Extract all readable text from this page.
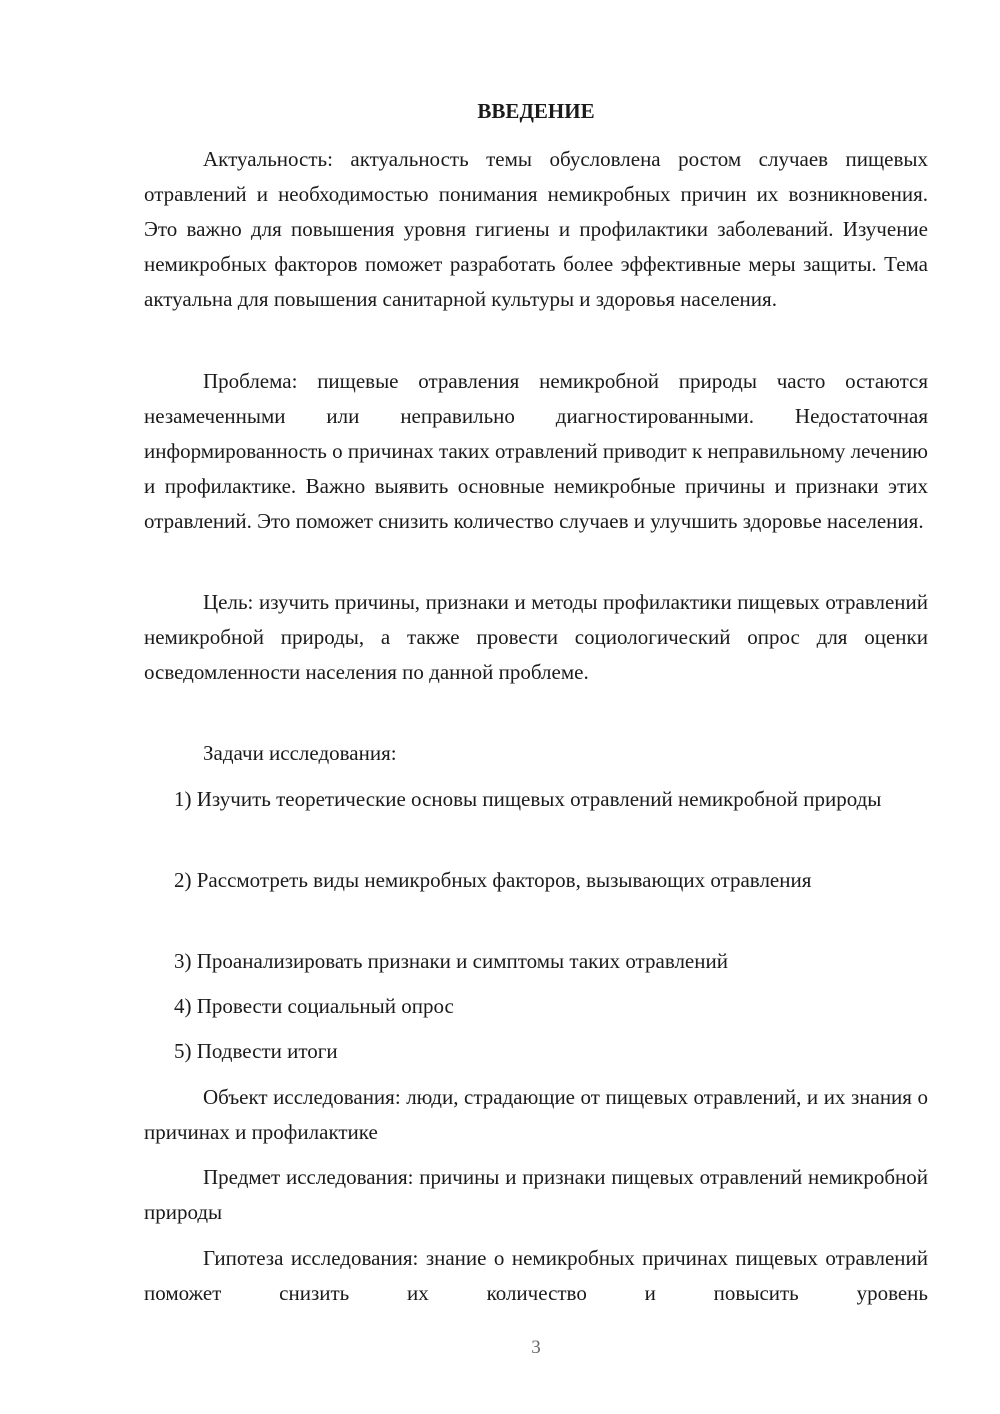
ВВЕДЕНИЕ

Актуальность: актуальность темы обусловлена ростом случаев пищевых отравлений и необходимостью понимания немикробных причин их возникновения. Это важно для повышения уровня гигиены и профилактики заболеваний. Изучение немикробных факторов поможет разработать более эффективные меры защиты. Тема актуальна для повышения санитарной культуры и здоровья населения.

Проблема: пищевые отравления немикробной природы часто остаются незамеченными или неправильно диагностированными. Недостаточная информированность о причинах таких отравлений приводит к неправильному лечению и профилактике. Важно выявить основные немикробные причины и признаки этих отравлений. Это поможет снизить количество случаев и улучшить здоровье населения.

Цель: изучить причины, признаки и методы профилактики пищевых отравлений немикробной природы, а также провести социологический опрос для оценки осведомленности населения по данной проблеме.

Задачи исследования:

1) Изучить теоретические основы пищевых отравлений немикробной природы

2) Рассмотреть виды немикробных факторов, вызывающих отравления

3) Проанализировать признаки и симптомы таких отравлений

4) Провести социальный опрос

5) Подвести итоги

Объект исследования: люди, страдающие от пищевых отравлений, и их знания о причинах и профилактике

Предмет исследования: причины и признаки пищевых отравлений немикробной природы

Гипотеза исследования: знание о немикробных причинах пищевых отравлений поможет снизить их количество и повысить уровень

3
